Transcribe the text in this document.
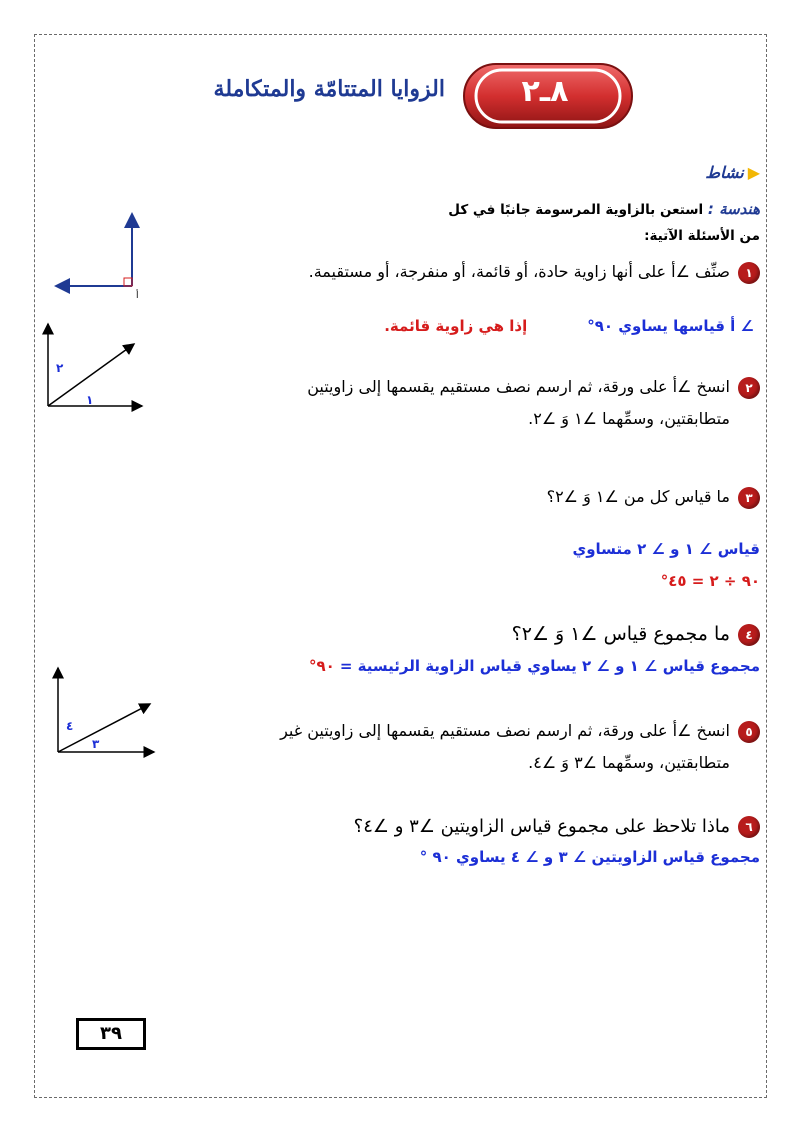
٨ـ٢
الزوايا المتتامّة والمتكاملة
▶نشاط
هندسة : استعن بالزاوية المرسومة جانبًا في كل
من الأسئلة الآتية:
١صنِّف ∠أ على أنها زاوية حادة، أو قائمة، أو منفرجة، أو مستقيمة.
∠ أ قياسها يساوي ٩٠°إذا هي زاوية قائمة.
٢انسخ ∠أ على ورقة، ثم ارسم نصف مستقيم يقسمها إلى زاويتين
متطابقتين، وسمِّهما ∠١ وَ ∠٢.
٣ما قياس كل من ∠١ وَ ∠٢؟
قياس ∠ ١ و ∠ ٢ متساوي
٩٠ ÷ ٢ = ٤٥°
٤ما مجموع قياس ∠١ وَ ∠٢؟
مجموع قياس ∠ ١ و ∠ ٢ يساوي قياس الزاوية الرئيسية = ٩٠°
٥انسخ ∠أ على ورقة، ثم ارسم نصف مستقيم يقسمها إلى زاويتين غير
متطابقتين، وسمِّهما ∠٣ وَ ∠٤.
٦ماذا تلاحظ على مجموع قياس الزاويتين ∠٣ و ∠٤؟
مجموع قياس الزاويتين ∠ ٣ و ∠ ٤ يساوي ٩٠ °
أ
٢
١
٤
٣
٣٩
